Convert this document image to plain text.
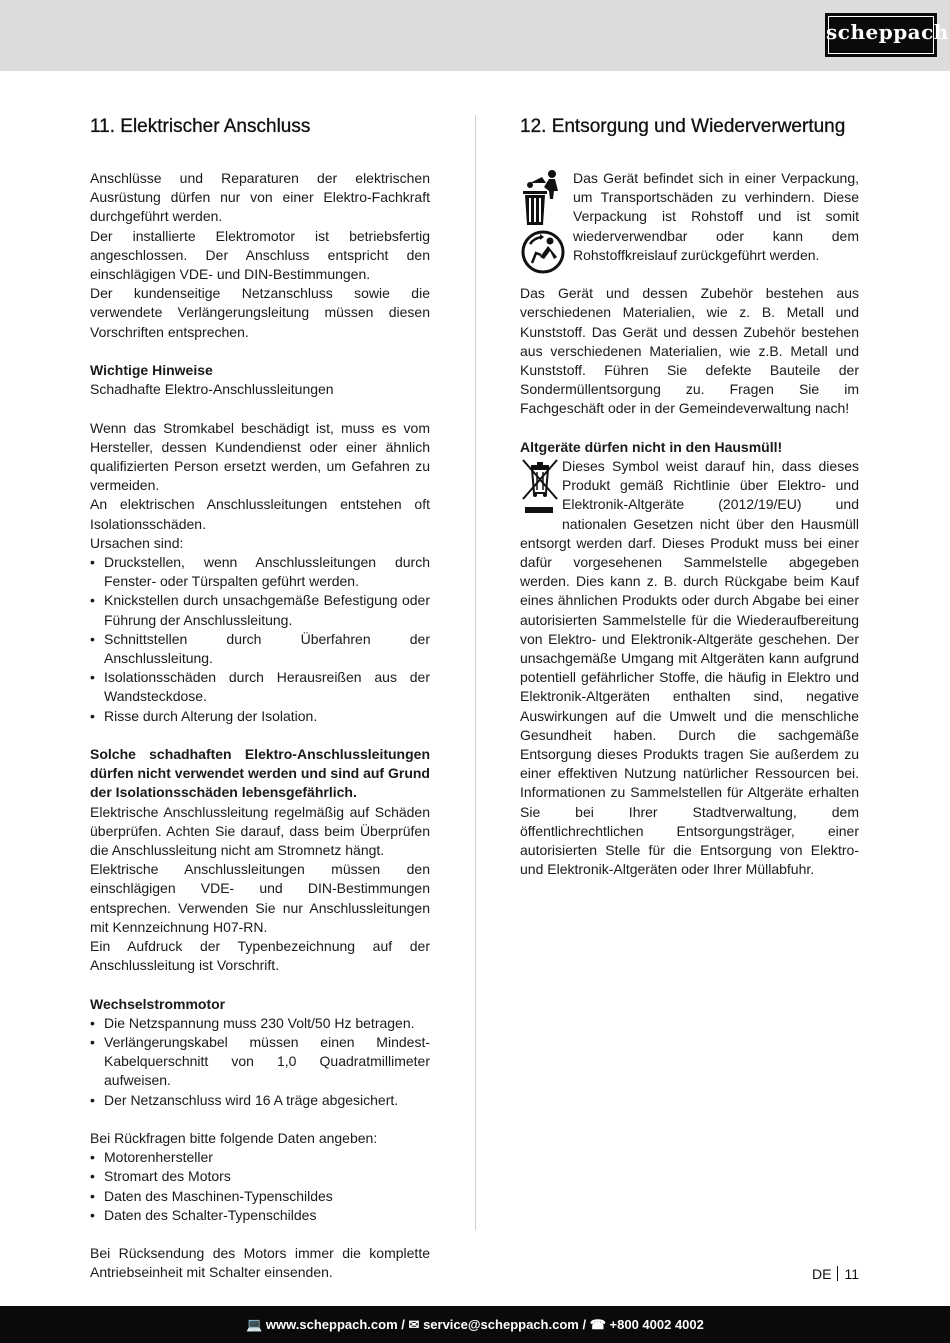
scheppach
11. Elektrischer Anschluss

Anschlüsse und Reparaturen der elektrischen Ausrüstung dürfen nur von einer Elektro-Fachkraft durchgeführt werden.

Der installierte Elektromotor ist betriebsfertig angeschlossen. Der Anschluss entspricht den einschlägigen VDE- und DIN-Bestimmungen.

Der kundenseitige Netzanschluss sowie die verwendete Verlängerungsleitung müssen diesen Vorschriften entsprechen.

Wichtige Hinweise

Schadhafte Elektro-Anschlussleitungen

Wenn das Stromkabel beschädigt ist, muss es vom Hersteller, dessen Kundendienst oder einer ähnlich qualifizierten Person ersetzt werden, um Gefahren zu vermeiden.

An elektrischen Anschlussleitungen entstehen oft Isolationsschäden.

Ursachen sind:

• Druckstellen, wenn Anschlussleitungen durch Fenster- oder Türspalten geführt werden.
• Knickstellen durch unsachgemäße Befestigung oder Führung der Anschlussleitung.
• Schnittstellen durch Überfahren der Anschlussleitung.
• Isolationsschäden durch Herausreißen aus der Wandsteckdose.
• Risse durch Alterung der Isolation.

Solche schadhaften Elektro-Anschlussleitungen dürfen nicht verwendet werden und sind auf Grund der Isolationsschäden lebensgefährlich.

Elektrische Anschlussleitung regelmäßig auf Schäden überprüfen. Achten Sie darauf, dass beim Überprüfen die Anschlussleitung nicht am Stromnetz hängt.

Elektrische Anschlussleitungen müssen den einschlägigen VDE- und DIN-Bestimmungen entsprechen. Verwenden Sie nur Anschlussleitungen mit Kennzeichnung H07-RN.

Ein Aufdruck der Typenbezeichnung auf der Anschlussleitung ist Vorschrift.

Wechselstrommotor

• Die Netzspannung muss 230 Volt/50 Hz betragen.
• Verlängerungskabel müssen einen Mindest-Kabelquerschnitt von 1,0 Quadratmillimeter aufweisen.
• Der Netzanschluss wird 16 A träge abgesichert.

Bei Rückfragen bitte folgende Daten angeben:

• Motorenhersteller
• Stromart des Motors
• Daten des Maschinen-Typenschildes
• Daten des Schalter-Typenschildes

Bei Rücksendung des Motors immer die komplette Antriebseinheit mit Schalter einsenden.

12. Entsorgung und Wiederverwertung

Das Gerät befindet sich in einer Verpackung, um Transportschäden zu verhindern. Diese Verpackung ist Rohstoff und ist somit wiederverwendbar oder kann dem Rohstoffkreislauf zurückgeführt werden.

Das Gerät und dessen Zubehör bestehen aus verschiedenen Materialien, wie z. B. Metall und Kunststoff. Das Gerät und dessen Zubehör bestehen aus verschiedenen Materialien, wie z.B. Metall und Kunststoff. Führen Sie defekte Bauteile der Sondermüllentsorgung zu. Fragen Sie im Fachgeschäft oder in der Gemeindeverwaltung nach!

Altgeräte dürfen nicht in den Hausmüll!

Dieses Symbol weist darauf hin, dass dieses Produkt gemäß Richtlinie über Elektro- und Elektronik-Altgeräte (2012/19/EU) und nationalen Gesetzen nicht über den Hausmüll entsorgt werden darf. Dieses Produkt muss bei einer dafür vorgesehenen Sammelstelle abgegeben werden. Dies kann z. B. durch Rückgabe beim Kauf eines ähnlichen Produkts oder durch Abgabe bei einer autorisierten Sammelstelle für die Wiederaufbereitung von Elektro- und Elektronik-Altgeräte geschehen. Der unsachgemäße Umgang mit Altgeräten kann aufgrund potentiell gefährlicher Stoffe, die häufig in Elektro und Elektronik-Altgeräten enthalten sind, negative Auswirkungen auf die Umwelt und die menschliche Gesundheit haben. Durch die sachgemäße Entsorgung dieses Produkts tragen Sie außerdem zu einer effektiven Nutzung natürlicher Ressourcen bei. Informationen zu Sammelstellen für Altgeräte erhalten Sie bei Ihrer Stadtverwaltung, dem öffentlichrechtlichen Entsorgungsträger, einer autorisierten Stelle für die Entsorgung von Elektro- und Elektronik-Altgeräten oder Ihrer Müllabfuhr.

DE 11
💻 www.scheppach.com / ✉ service@scheppach.com / ☎ +800 4002 4002
